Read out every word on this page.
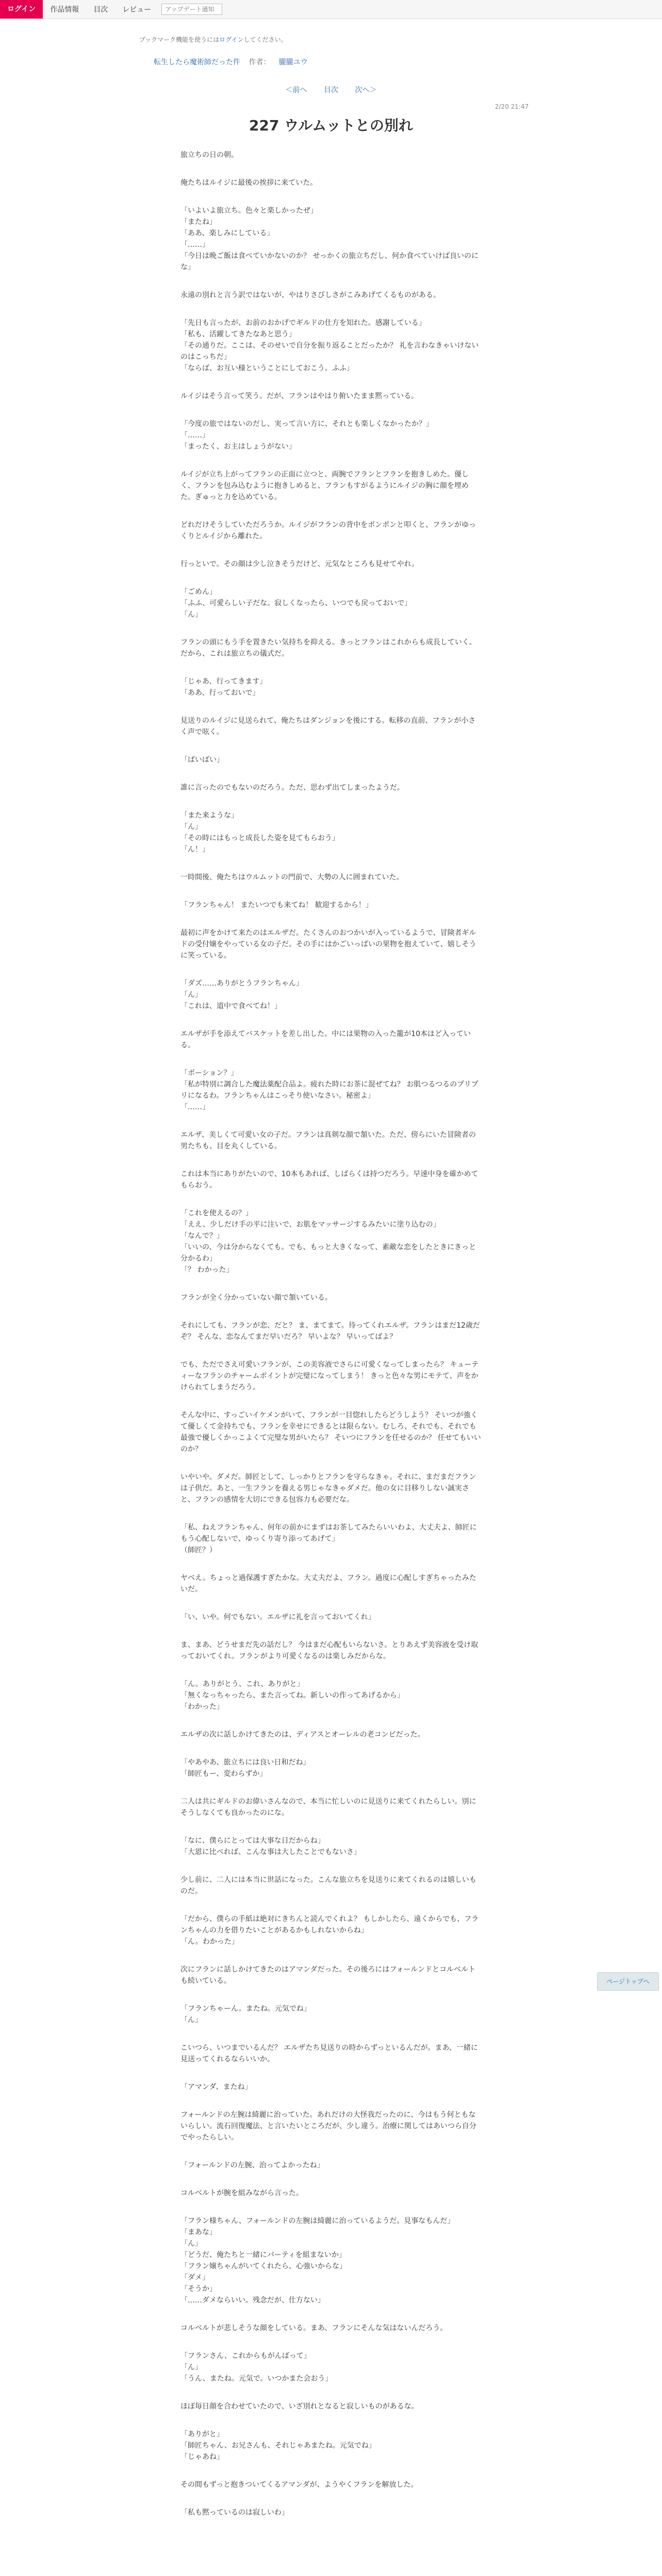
ログイン	作品情報	目次	レビュー
アップデート通知
ブックマーク機能を使うにはログインしてください。
転生したら魔術師だった件 作者： 朧朧ユウ
＜前へ 目次 次へ＞
2/20 21:47
227 ウルムットとの別れ
旅立ちの日の朝。
俺たちはルイジに最後の挨拶に来ていた。
「いよいよ旅立ち。色々と楽しかったぜ」
「またね」
「ああ、楽しみにしている」
「……」
「今日は晩ご飯は食べていかないのか？ せっかくの旅立ちだし、何か食べていけば良いのにな」
永遠の別れと言う訳ではないが、やはりさびしさがこみあげてくるものがある。
「先日も言ったが、お前のおかげでギルドの仕方を知れた。感謝している」
「私も、活躍してきたなあと思う」
「その通りだ。ここは、そのせいで自分を振り返ることだったか？ 礼を言わなきゃいけないのはこっちだ」
「ならば、お互い様ということにしておこう。ふふ」
ルイジはそう言って笑う。だが、フランはやはり俯いたまま黙っている。
「今度の旅ではないのだし、実って言い方に、それとも楽しくなかったか？」
「……」
「まったく、お主はしょうがない」
ルイジが立ち上がってフランの正面に立つと、両腕でフランとフランを抱きしめた。優しく、フランを包み込むように抱きしめると、フランもすがるようにルイジの胸に顔を埋めた。ぎゅっと力を込めている。
どれだけそうしていただろうか。ルイジがフランの背中をポンポンと叩くと、フランがゆっくりとルイジから離れた。
行っといで。その顔は少し泣きそうだけど、元気なところも見せてやれ。
「ごめん」
「ふふ、可愛らしい子だな。寂しくなったら、いつでも戻っておいで」
「ん」
フランの頭にもう手を置きたい気持ちを抑える。きっとフランはこれからも成長していく。だから、これは旅立ちの儀式だ。
「じゃあ、行ってきます」
「ああ、行っておいで」
見送りのルイジに見送られて、俺たちはダンジョンを後にする。転移の直前、フランが小さく声で呟く。
「ばいばい」
誰に言ったのでもないのだろう。ただ、思わず出てしまったようだ。
「また来ような」
「ん」
「その時にはもっと成長した姿を見てもらおう」
「ん！」
一時間後、俺たちはウルムットの門前で、大勢の人に囲まれていた。
「フランちゃん！ またいつでも来てね！ 歓迎するから！」
最初に声をかけて来たのはエルザだ。たくさんのおつかいが入っているようで、冒険者ギルドの受付嬢をやっている女の子だ。その手にはかごいっぱいの果物を抱えていて、嬉しそうに笑っている。
「ダズ……ありがとうフランちゃん」
「ん」
「これは、道中で食べてね！」
エルザが手を添えてバスケットを差し出した。中には果物の入った籠が10本ほど入っている。
「ポーション？」
「私が特別に調合した魔法薬配合品よ。疲れた時にお茶に混ぜてね？ お肌つるつるのプリプリになるわ。フランちゃんはこっそり使いなさい。秘密よ」
「……」
エルザ、美しくて可愛い女の子だ。フランは真剣な顔で頷いた。ただ、傍らにいた冒険者の男たちも、目を丸くしている。
これは本当にありがたいので、10本もあれば、しばらくは持つだろう。早速中身を確かめてもらおう。
「これを使えるの？」
「ええ、少しだけ手の平に注いで、お肌をマッサージするみたいに塗り込むの」
「なんで？」
「いいの、今は分からなくても。でも、もっと大きくなって、素敵な恋をしたときにきっと分かるわ」
「？ わかった」
フランが全く分かっていない顔で頷いている。
それにしても、フランが恋、だと？ ま、まてまて。待ってくれエルザ。フランはまだ12歳だぞ？ そんな、恋なんてまだ早いだろ？ 早いよな？ 早いってばよ？
でも、ただでさえ可愛いフランが、この美容液でさらに可愛くなってしまったら？ キューティーなフランのチャームポイントが完璧になってしまう！ きっと色々な男にモテて、声をかけられてしまうだろう。
そんな中に、すっごいイケメンがいて、フランが一目惚れしたらどうしよう？ そいつが強くて優しくて金持ちでも、フランを幸せにできるとは限らない。むしろ、それでも、それでも最強で優しくかっこよくて完璧な男がいたら？ そいつにフランを任せるのか？ 任せてもいいのか？
いやいや。ダメだ。師匠として、しっかりとフランを守らなきゃ。それに、まだまだフランは子供だ。あと、一生フランを養える男じゃなきゃダメだ。他の女に目移りしない誠実さと、フランの感情を大切にできる包容力も必要だな。
「私、ねえフランちゃん、何年の前かにまずはお茶してみたらいいわよ、大丈夫よ、師匠にもう心配しないで、ゆっくり寄り添ってあげて」
（師匠？）
ヤベえ。ちょっと過保護すぎたかな。大丈夫だよ、フラン。過度に心配しすぎちゃったみたいだ。
「い、いや。何でもない。エルザに礼を言っておいてくれ」
ま、まあ、どうせまだ先の話だし？ 今はまだ心配もいらないさ。とりあえず美容液を受け取っておいてくれ。フランがより可愛くなるのは楽しみだからな。
「ん。ありがとう、これ、ありがと」
「無くなっちゃったら、また言ってね。新しいの作ってあげるから」
「わかった」
エルザの次に話しかけてきたのは、ディアスとオーレルの老コンビだった。
「やあやあ、旅立ちには良い日和だね」
「師匠もー、変わらずか」
二人は共にギルドのお偉いさんなので、本当に忙しいのに見送りに来てくれたらしい。別にそうしなくても良かったのにな。
「なに、僕らにとっては大事な日だからね」
「大恩に比べれば、こんな事は大したことでもないさ」
少し前に、二人には本当に世話になった。こんな旅立ちを見送りに来てくれるのは嬉しいものだ。
「だから、僕らの手紙は絶対にきちんと読んでくれよ？ もしかしたら、遠くからでも、フランちゃんの力を借りたいことがあるかもしれないからね」
「ん。わかった」
次にフランに話しかけてきたのはアマンダだった。その後ろにはフォールンドとコルベルトも続いている。
「フランちゃーん。またね。元気でね」
「ん」
こいつら、いつまでいるんだ？ エルザたち見送りの時からずっといるんだが。まあ、一緒に見送ってくれるならいいか。
「アマンダ、またね」
フォールンドの左腕は綺麗に治っていた。あれだけの大怪我だったのに、今はもう何ともないらしい。流石回復魔法、と言いたいところだが、少し違う。治療に関してはあいつら自分でやったらしい。
「フォールンドの左腕、治ってよかったね」
コルベルトが腕を組みながら言った。
「フラン様ちゃん、フォールンドの左腕は綺麗に治っているようだ。見事なもんだ」
「まあな」
「ん」
「どうだ、俺たちと一緒にパーティを組まないか」
「フラン嬢ちゃんがいてくれたら、心強いからな」
「ダメ」
「そうか」
「……ダメならいい。残念だが、仕方ない」
コルベルトが悲しそうな顔をしている。まあ、フランにそんな気はないんだろう。
「フランさん、これからもがんばって」
「ん」
「うん、またね。元気で。いつかまた会おう」
ほぼ毎日顔を合わせていたので、いざ別れとなると寂しいものがあるな。
「ありがと」
「師匠ちゃん、お兄さんも、それじゃあまたね。元気でね」
「じゃあね」
その間もずっと抱きついてくるアマンダが、ようやくフランを解放した。
「私も黙っているのは寂しいわ」
ページトップへ
